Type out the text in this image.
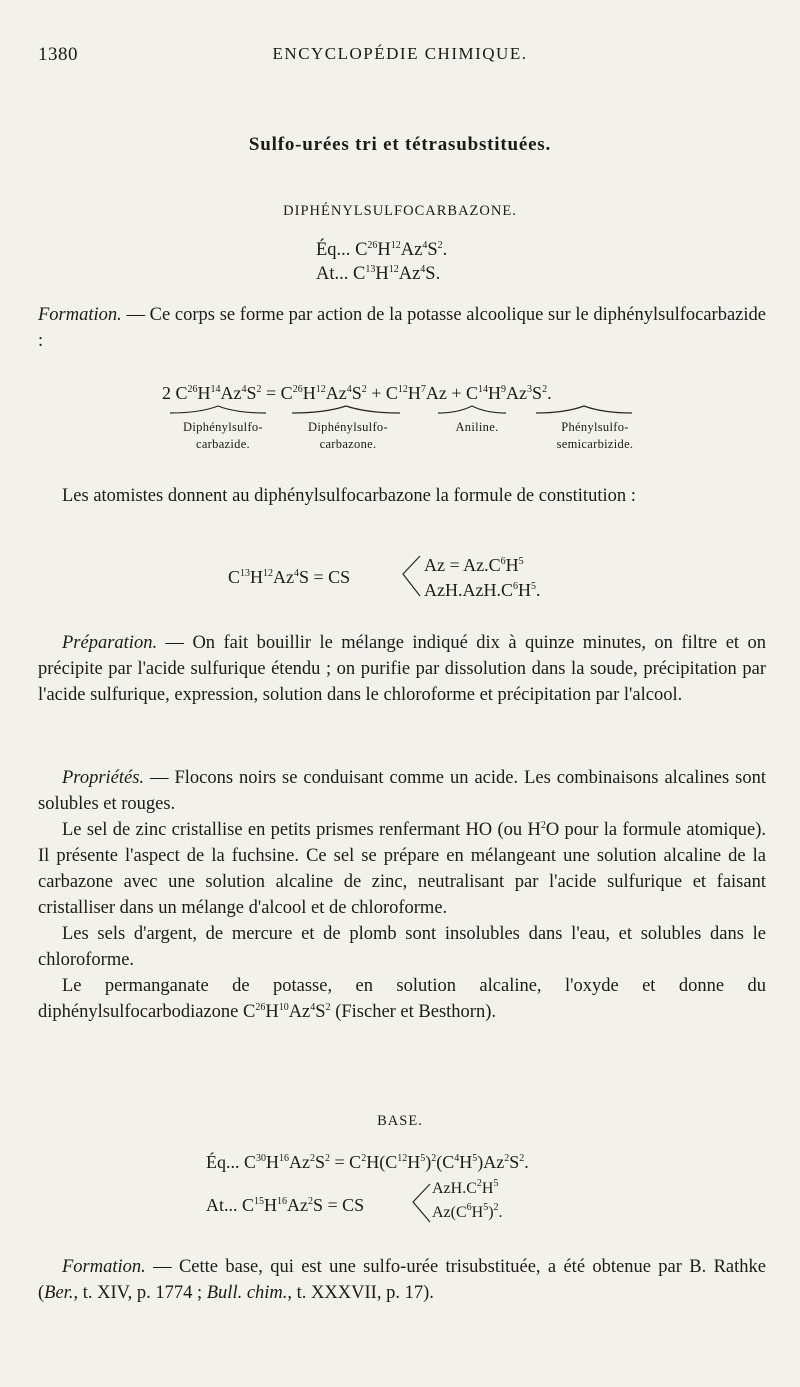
1380	ENCYCLOPÉDIE CHIMIQUE.
Sulfo-urées tri et tétrasubstituées.
DIPHÉNYLSULFOCARBAZONE.
Éq... $C^{26}H^{12}Az^4S^2$.
At... $C^{13}H^{12}Az^4S$.

Formation. — Ce corps se forme par action de la potasse alcoolique sur le diphénylsulfocarbazide :

2 $C^{26}H^{14}Az^4S^2 = C^{26}H^{12}Az^4S^2 + C^{12}H^7Az + C^{14}H^9Az^3S^2$.
Diphénylsulfo-
carbazide.
Diphénylsulfo-
carbazone.
Aniline.	Phénylsulfo-
semicarbizide.

Les atomistes donnent au diphénylsulfocarbazone la formule de constitution :

$C^{13}H^{12}Az^4S$ = CS
$Az = Az.C^6H^5$
$AzH.AzH.C^6H^5$.

Préparation. — On fait bouillir le mélange indiqué dix à quinze minutes, on filtre et on précipite par l'acide sulfurique étendu ; on purifie par dissolution dans la soude, précipitation par l'acide sulfurique, expression, solution dans le chloroforme et précipitation par l'alcool.

Propriétés. — Flocons noirs se conduisant comme un acide. Les combinaisons alcalines sont solubles et rouges.

Le sel de zinc cristallise en petits prismes renfermant HO (ou $H^2O$ pour la formule atomique). Il présente l'aspect de la fuchsine. Ce sel se prépare en mélangeant une solution alcaline de la carbazone avec une solution alcaline de zinc, neutralisant par l'acide sulfurique et faisant cristalliser dans un mélange d'alcool et de chloroforme.

Les sels d'argent, de mercure et de plomb sont insolubles dans l'eau, et solubles dans le chloroforme.

Le permanganate de potasse, en solution alcaline, l'oxyde et donne du diphénylsulfocarbodiazone $C^{26}H^{10}Az^4S^2$ (Fischer et Besthorn).

BASE.
Éq... $C^{30}H^{16}Az^2S^2 = C^2H(C^{12}H^5)^2(C^4H^5)Az^2S^2$.
At... $C^{15}H^{16}Az^2S$ = CS
$AzH.C^2H^5$
$Az(C^6H^5)^2$.

Formation. — Cette base, qui est une sulfo-urée trisubstituée, a été obtenue par B. Rathke (Ber., t. XIV, p. 1774 ; Bull. chim., t. XXXVII, p. 17).
